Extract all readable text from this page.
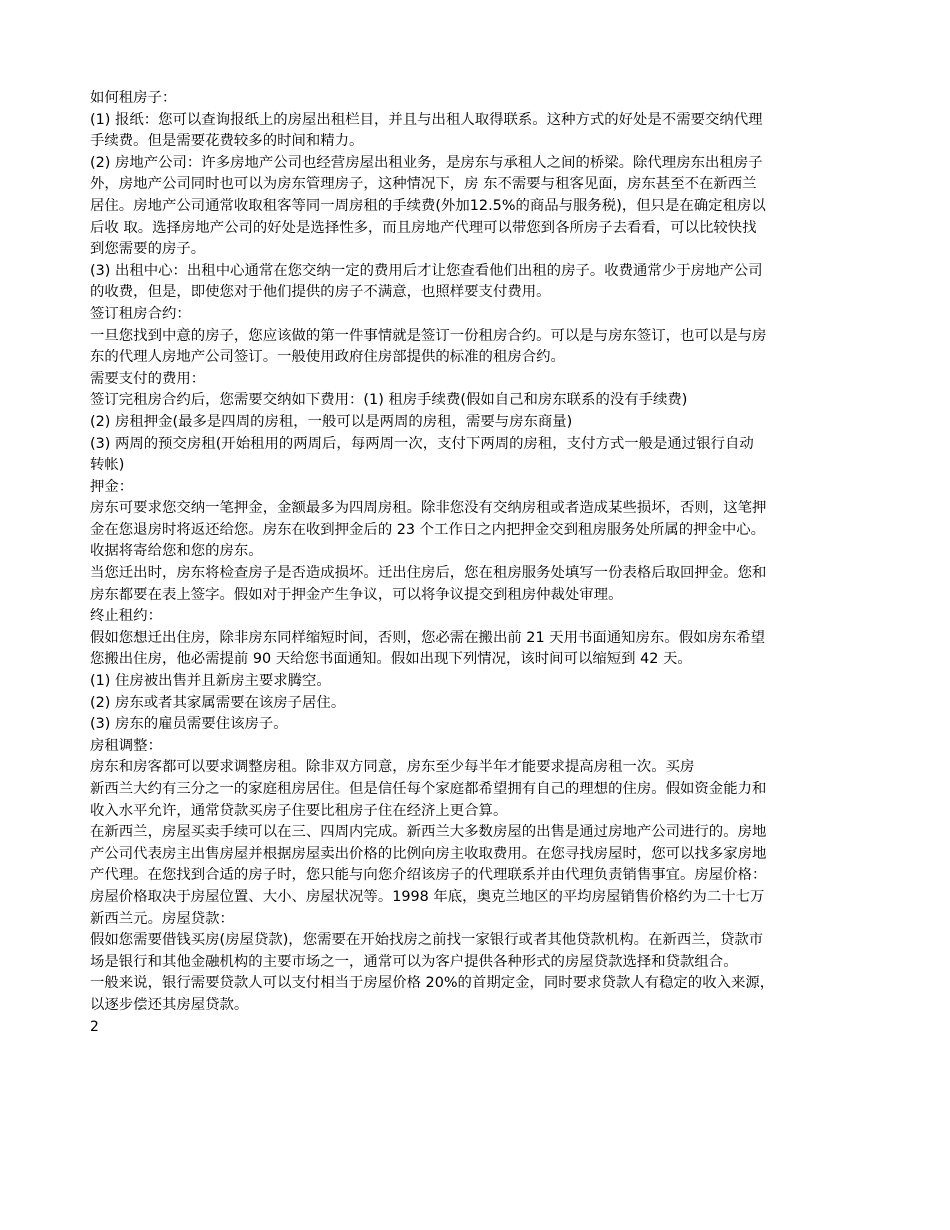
如何租房子：
(1) 报纸：您可以查询报纸上的房屋出租栏目，并且与出租人取得联系。这种方式的好处是不需要交纳代理
手续费。但是需要花费较多的时间和精力。
(2) 房地产公司：许多房地产公司也经营房屋出租业务，是房东与承租人之间的桥梁。除代理房东出租房子
外，房地产公司同时也可以为房东管理房子，这种情况下，房 东不需要与租客见面，房东甚至不在新西兰
居住。房地产公司通常收取租客等同一周房租的手续费(外加12.5%的商品与服务税)，但只是在确定租房以
后收 取。选择房地产公司的好处是选择性多，而且房地产代理可以带您到各所房子去看看，可以比较快找
到您需要的房子。
(3) 出租中心：出租中心通常在您交纳一定的费用后才让您查看他们出租的房子。收费通常少于房地产公司
的收费，但是，即使您对于他们提供的房子不满意，也照样要支付费用。
签订租房合约：
一旦您找到中意的房子，您应该做的第一件事情就是签订一份租房合约。可以是与房东签订，也可以是与房
东的代理人房地产公司签订。一般使用政府住房部提供的标准的租房合约。
需要支付的费用：
签订完租房合约后，您需要交纳如下费用：(1) 租房手续费(假如自己和房东联系的没有手续费)
(2) 房租押金(最多是四周的房租，一般可以是两周的房租，需要与房东商量)
(3) 两周的预交房租(开始租用的两周后，每两周一次，支付下两周的房租，支付方式一般是通过银行自动
转帐)
押金：
房东可要求您交纳一笔押金，金额最多为四周房租。除非您没有交纳房租或者造成某些损坏，否则，这笔押
金在您退房时将返还给您。房东在收到押金后的 23 个工作日之内把押金交到租房服务处所属的押金中心。
收据将寄给您和您的房东。
当您迁出时，房东将检查房子是否造成损坏。迁出住房后，您在租房服务处填写一份表格后取回押金。您和
房东都要在表上签字。假如对于押金产生争议，可以将争议提交到租房仲裁处审理。
终止租约：
假如您想迁出住房，除非房东同样缩短时间，否则，您必需在搬出前 21 天用书面通知房东。假如房东希望
您搬出住房，他必需提前 90 天给您书面通知。假如出现下列情况，该时间可以缩短到 42 天。
(1) 住房被出售并且新房主要求腾空。
(2) 房东或者其家属需要在该房子居住。
(3) 房东的雇员需要住该房子。
房租调整：
房东和房客都可以要求调整房租。除非双方同意，房东至少每半年才能要求提高房租一次。买房
新西兰大约有三分之一的家庭租房居住。但是信任每个家庭都希望拥有自己的理想的住房。假如资金能力和
收入水平允许，通常贷款买房子住要比租房子住在经济上更合算。
在新西兰，房屋买卖手续可以在三、四周内完成。新西兰大多数房屋的出售是通过房地产公司进行的。房地
产公司代表房主出售房屋并根据房屋卖出价格的比例向房主收取费用。在您寻找房屋时，您可以找多家房地
产代理。在您找到合适的房子时，您只能与向您介绍该房子的代理联系并由代理负责销售事宜。房屋价格：
房屋价格取决于房屋位置、大小、房屋状况等。1998 年底，奥克兰地区的平均房屋销售价格约为二十七万
新西兰元。房屋贷款：
假如您需要借钱买房(房屋贷款)，您需要在开始找房之前找一家银行或者其他贷款机构。在新西兰，贷款市
场是银行和其他金融机构的主要市场之一，通常可以为客户提供各种形式的房屋贷款选择和贷款组合。
一般来说，银行需要贷款人可以支付相当于房屋价格 20%的首期定金，同时要求贷款人有稳定的收入来源，
以逐步偿还其房屋贷款。
2
